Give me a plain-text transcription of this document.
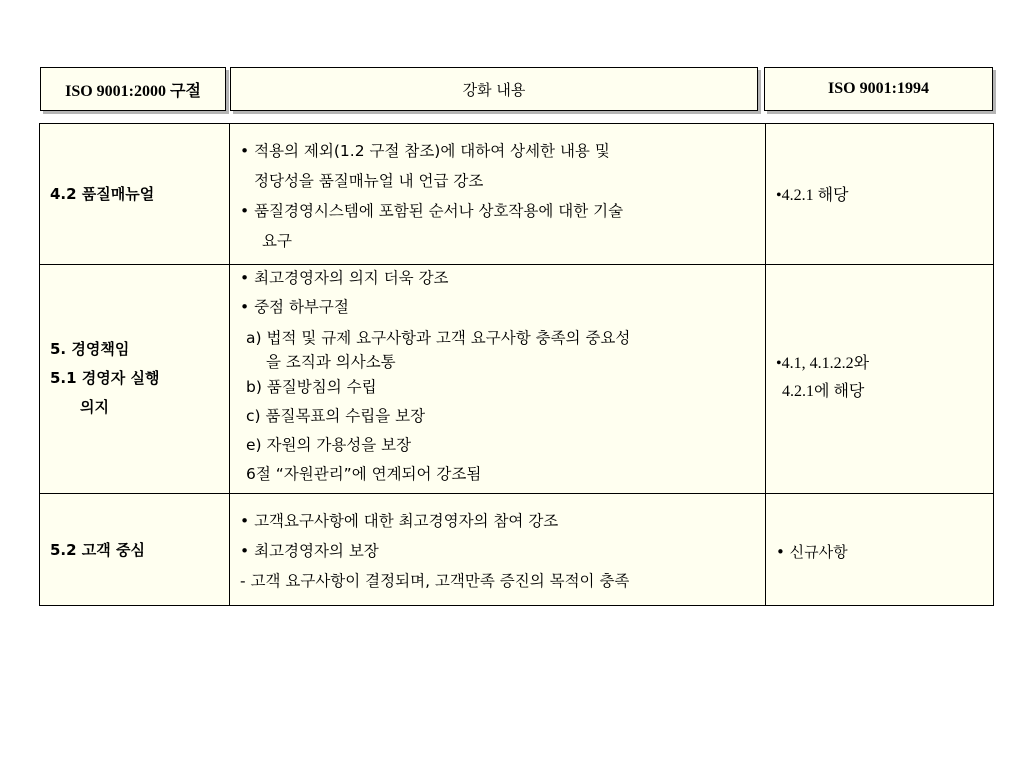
ISO 9001:2000 구절	강화 내용	ISO 9001:1994
4.2 품질매뉴얼
• 적용의 제외(1.2 구절 참조)에 대하여 상세한 내용 및
정당성을 품질매뉴얼 내 언급 강조
• 품질경영시스템에 포함된 순서나 상호작용에 대한 기술
요구
•4.2.1 해당
5. 경영책임
5.1 경영자 실행
의지
• 최고경영자의 의지 더욱 강조
• 중점 하부구절
a) 법적 및 규제 요구사항과 고객 요구사항 충족의 중요성
을 조직과 의사소통
b) 품질방침의 수립
c) 품질목표의 수립을 보장
e) 자원의 가용성을 보장
6절 “자원관리”에 연계되어 강조됨
•4.1, 4.1.2.2와
4.2.1에 해당
5.2 고객 중심
• 고객요구사항에 대한 최고경영자의 참여 강조
• 최고경영자의 보장
- 고객 요구사항이 결정되며, 고객만족 증진의 목적이 충족
• 신규사항
